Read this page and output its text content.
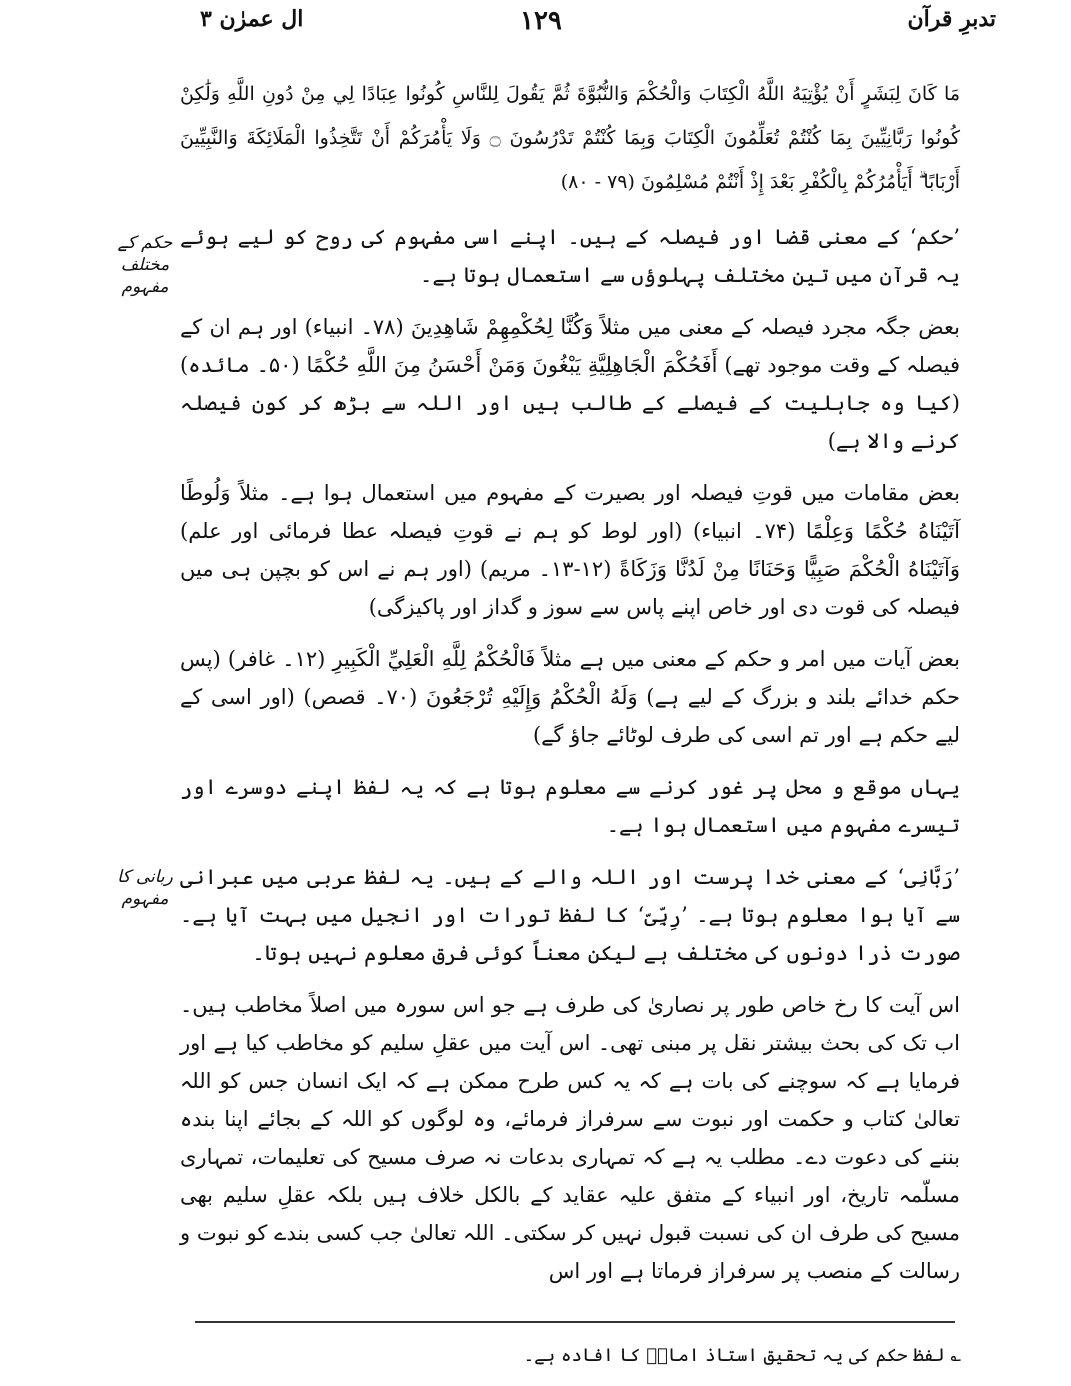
ال عمرٰن ۳	۱۲۹	تدبرِ قرآن
حکم کے مختلف مفہوم
ربانی کا مفہوم

مَا كَانَ لِبَشَرٍ أَنْ يُؤْتِيَهُ اللَّهُ الْكِتَابَ وَالْحُكْمَ وَالنُّبُوَّةَ ثُمَّ يَقُولَ لِلنَّاسِ كُونُوا عِبَادًا لِي مِنْ دُونِ اللَّهِ وَلَٰكِنْ كُونُوا رَبَّانِيِّينَ بِمَا كُنْتُمْ تُعَلِّمُونَ الْكِتَابَ وَبِمَا كُنْتُمْ تَدْرُسُونَ ۝ وَلَا يَأْمُرَكُمْ أَنْ تَتَّخِذُوا الْمَلَائِكَةَ وَالنَّبِيِّينَ أَرْبَابًا ۗ أَيَأْمُرُكُمْ بِالْكُفْرِ بَعْدَ إِذْ أَنْتُمْ مُسْلِمُونَ (۷۹ - ۸۰)

’حکم‘ کے معنی قضا اور فیصلہ کے ہیں۔ اپنے اسی مفہوم کی روح کو لیے ہوئے یہ قرآن میں تین مختلف پہلوؤں سے استعمال ہوتا ہے۔

بعض جگہ مجرد فیصلہ کے معنی میں مثلاً وَكُنَّا لِحُكْمِهِمْ شَاهِدِينَ (۷۸۔ انبیاء) اور ہم ان کے فیصلہ کے وقت موجود تھے) أَفَحُكْمَ الْجَاهِلِيَّةِ يَبْغُونَ وَمَنْ أَحْسَنُ مِنَ اللَّهِ حُكْمًا (۵۰۔ مائدہ) (کیا وہ جاہلیت کے فیصلے کے طالب ہیں اور اللہ سے بڑھ کر کون فیصلہ کرنے والا ہے)

بعض مقامات میں قوتِ فیصلہ اور بصیرت کے مفہوم میں استعمال ہوا ہے۔ مثلاً وَلُوطًا آتَيْنَاهُ حُكْمًا وَعِلْمًا (۷۴۔ انبیاء) (اور لوط کو ہم نے قوتِ فیصلہ عطا فرمائی اور علم) وَآتَيْنَاهُ الْحُكْمَ صَبِيًّا وَحَنَانًا مِنْ لَدُنَّا وَزَكَاةً (۱۲-۱۳۔ مریم) (اور ہم نے اس کو بچپن ہی میں فیصلہ کی قوت دی اور خاص اپنے پاس سے سوز و گداز اور پاکیزگی)

بعض آیات میں امر و حکم کے معنی میں ہے مثلاً فَالْحُكْمُ لِلَّهِ الْعَلِيِّ الْكَبِيرِ (۱۲۔ غافر) (پس حکم خدائے بلند و بزرگ کے لیے ہے) وَلَهُ الْحُكْمُ وَإِلَيْهِ تُرْجَعُونَ (۷۰۔ قصص) (اور اسی کے لیے حکم ہے اور تم اسی کی طرف لوٹائے جاؤ گے)

یہاں موقع و محل پر غور کرنے سے معلوم ہوتا ہے کہ یہ لفظ اپنے دوسرے اور تیسرے مفہوم میں استعمال ہوا ہے۔

’رَبَّانِی‘ کے معنی خدا پرست اور اللہ والے کے ہیں۔ یہ لفظ عربی میں عبرانی سے آیا ہوا معلوم ہوتا ہے۔ ’رِبِّیّ‘ کا لفظ تورات اور انجیل میں بہت آیا ہے۔ صورت ذرا دونوں کی مختلف ہے لیکن معناً کوئی فرق معلوم نہیں ہوتا۔

اس آیت کا رخ خاص طور پر نصاریٰ کی طرف ہے جو اس سورہ میں اصلاً مخاطب ہیں۔ اب تک کی بحث بیشتر نقل پر مبنی تھی۔ اس آیت میں عقلِ سلیم کو مخاطب کیا ہے اور فرمایا ہے کہ سوچنے کی بات ہے کہ یہ کس طرح ممکن ہے کہ ایک انسان جس کو اللہ تعالیٰ کتاب و حکمت اور نبوت سے سرفراز فرمائے، وہ لوگوں کو اللہ کے بجائے اپنا بندہ بننے کی دعوت دے۔ مطلب یہ ہے کہ تمہاری بدعات نہ صرف مسیح کی تعلیمات، تمہاری مسلّمہ تاریخ، اور انبیاء کے متفق علیہ عقاید کے بالکل خلاف ہیں بلکہ عقلِ سلیم بھی مسیح کی طرف ان کی نسبت قبول نہیں کر سکتی۔ اللہ تعالیٰ جب کسی بندے کو نبوت و رسالت کے منصب پر سرفراز فرماتا ہے اور اس

؎ لفظ حکم کی یہ تحقیق استاذ امامؒ کا افادہ ہے۔
